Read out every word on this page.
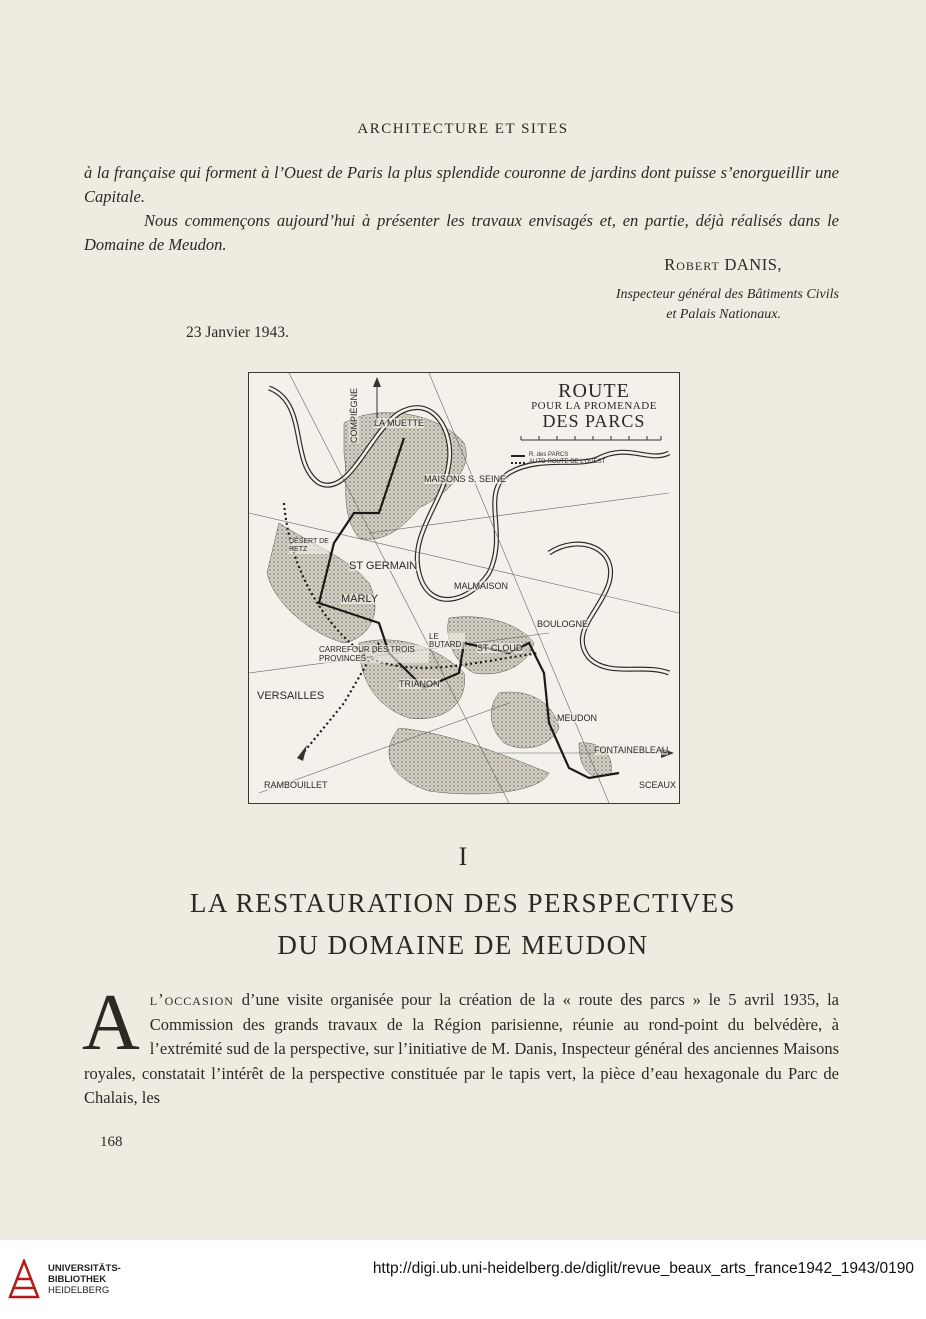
ARCHITECTURE ET SITES
à la française qui forment à l’Ouest de Paris la plus splendide couronne de jardins dont puisse s’enorgueillir une Capitale.
Nous commençons aujourd’hui à présenter les travaux envisagés et, en partie, déjà réalisés dans le Domaine de Meudon.
Robert DANIS,
Inspecteur général des Bâtiments Civils
et Palais Nationaux.
23 Janvier 1943.
ROUTE
POUR LA PROMENADE
DES PARCS
R. des PARCS
AUTO-ROUTE DE L’OUEST
COMPIÈGNE LA MUETTE
MAISONS S. SEINE
DÉSERT DE RETZ
ST GERMAIN
MALMAISON
MARLY
BOULOGNE
LE BUTARD	ST CLOUD
CARREFOUR DES TROIS PROVINCES
TRIANON
VERSAILLES
MEUDON
FONTAINEBLEAU
RAMBOUILLET	SCEAUX
I
LA RESTAURATION DES PERSPECTIVES
DU DOMAINE DE MEUDON
A l’occasion d’une visite organisée pour la création de la « route des parcs » le 5 avril 1935, la Commission des grands travaux de la Région parisienne, réunie au rond-point du belvédère, à l’extrémité sud de la perspective, sur l’initiative de M. Danis, Inspecteur général des anciennes Maisons royales, constatait l’intérêt de la perspective constituée par le tapis vert, la pièce d’eau hexagonale du Parc de Chalais, les
168
UNIVERSITÄTS-
BIBLIOTHEK
HEIDELBERG
http://digi.ub.uni-heidelberg.de/diglit/revue_beaux_arts_france1942_1943/0190
